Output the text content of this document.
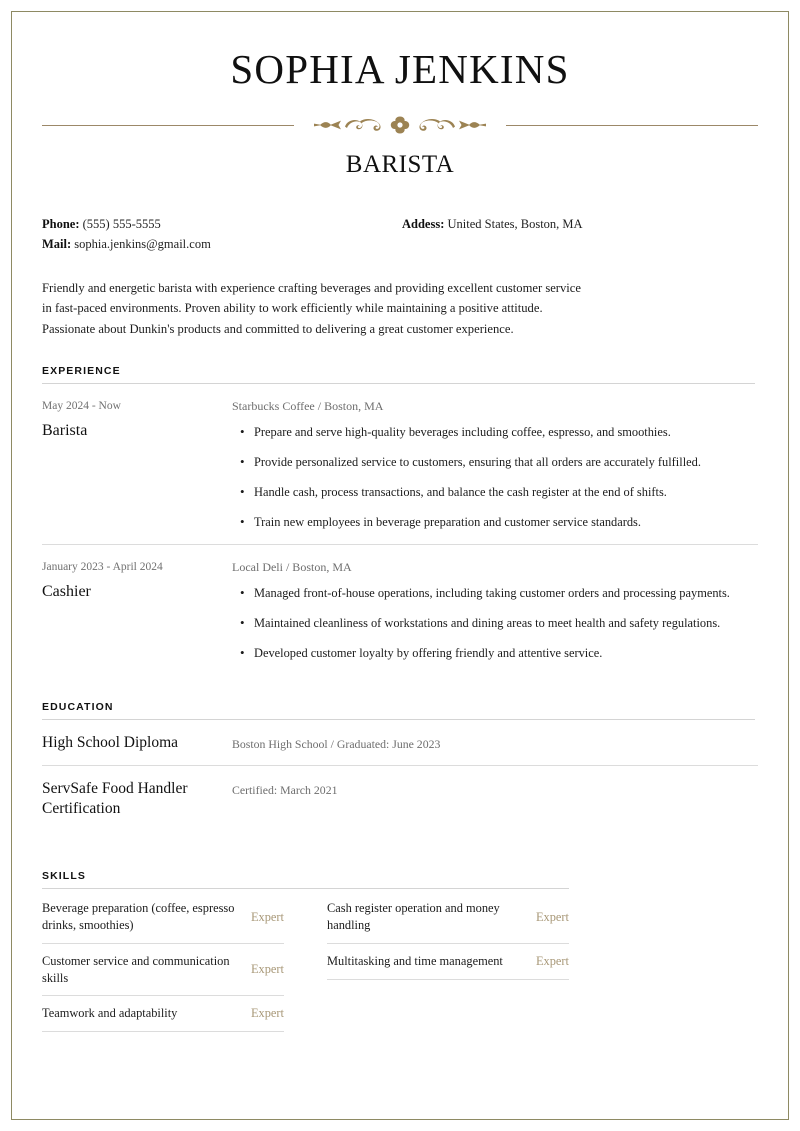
SOPHIA JENKINS
BARISTA
Phone: (555) 555-5555
Mail: sophia.jenkins@gmail.com
Addess: United States, Boston, MA
Friendly and energetic barista with experience crafting beverages and providing excellent customer service in fast-paced environments. Proven ability to work efficiently while maintaining a positive attitude. Passionate about Dunkin's products and committed to delivering a great customer experience.
EXPERIENCE
May 2024 - Now
Barista
Starbucks Coffee / Boston, MA
• Prepare and serve high-quality beverages including coffee, espresso, and smoothies.
• Provide personalized service to customers, ensuring that all orders are accurately fulfilled.
• Handle cash, process transactions, and balance the cash register at the end of shifts.
• Train new employees in beverage preparation and customer service standards.
January 2023 - April 2024
Cashier
Local Deli / Boston, MA
• Managed front-of-house operations, including taking customer orders and processing payments.
• Maintained cleanliness of workstations and dining areas to meet health and safety regulations.
• Developed customer loyalty by offering friendly and attentive service.
EDUCATION
High School Diploma	Boston High School / Graduated: June 2023
ServSafe Food Handler Certification
Certified: March 2021
SKILLS
Beverage preparation (coffee, espresso drinks, smoothies)
Expert
Customer service and communication skills
Expert
Teamwork and adaptability	Expert
Cash register operation and money handling
Expert
Multitasking and time management	Expert
